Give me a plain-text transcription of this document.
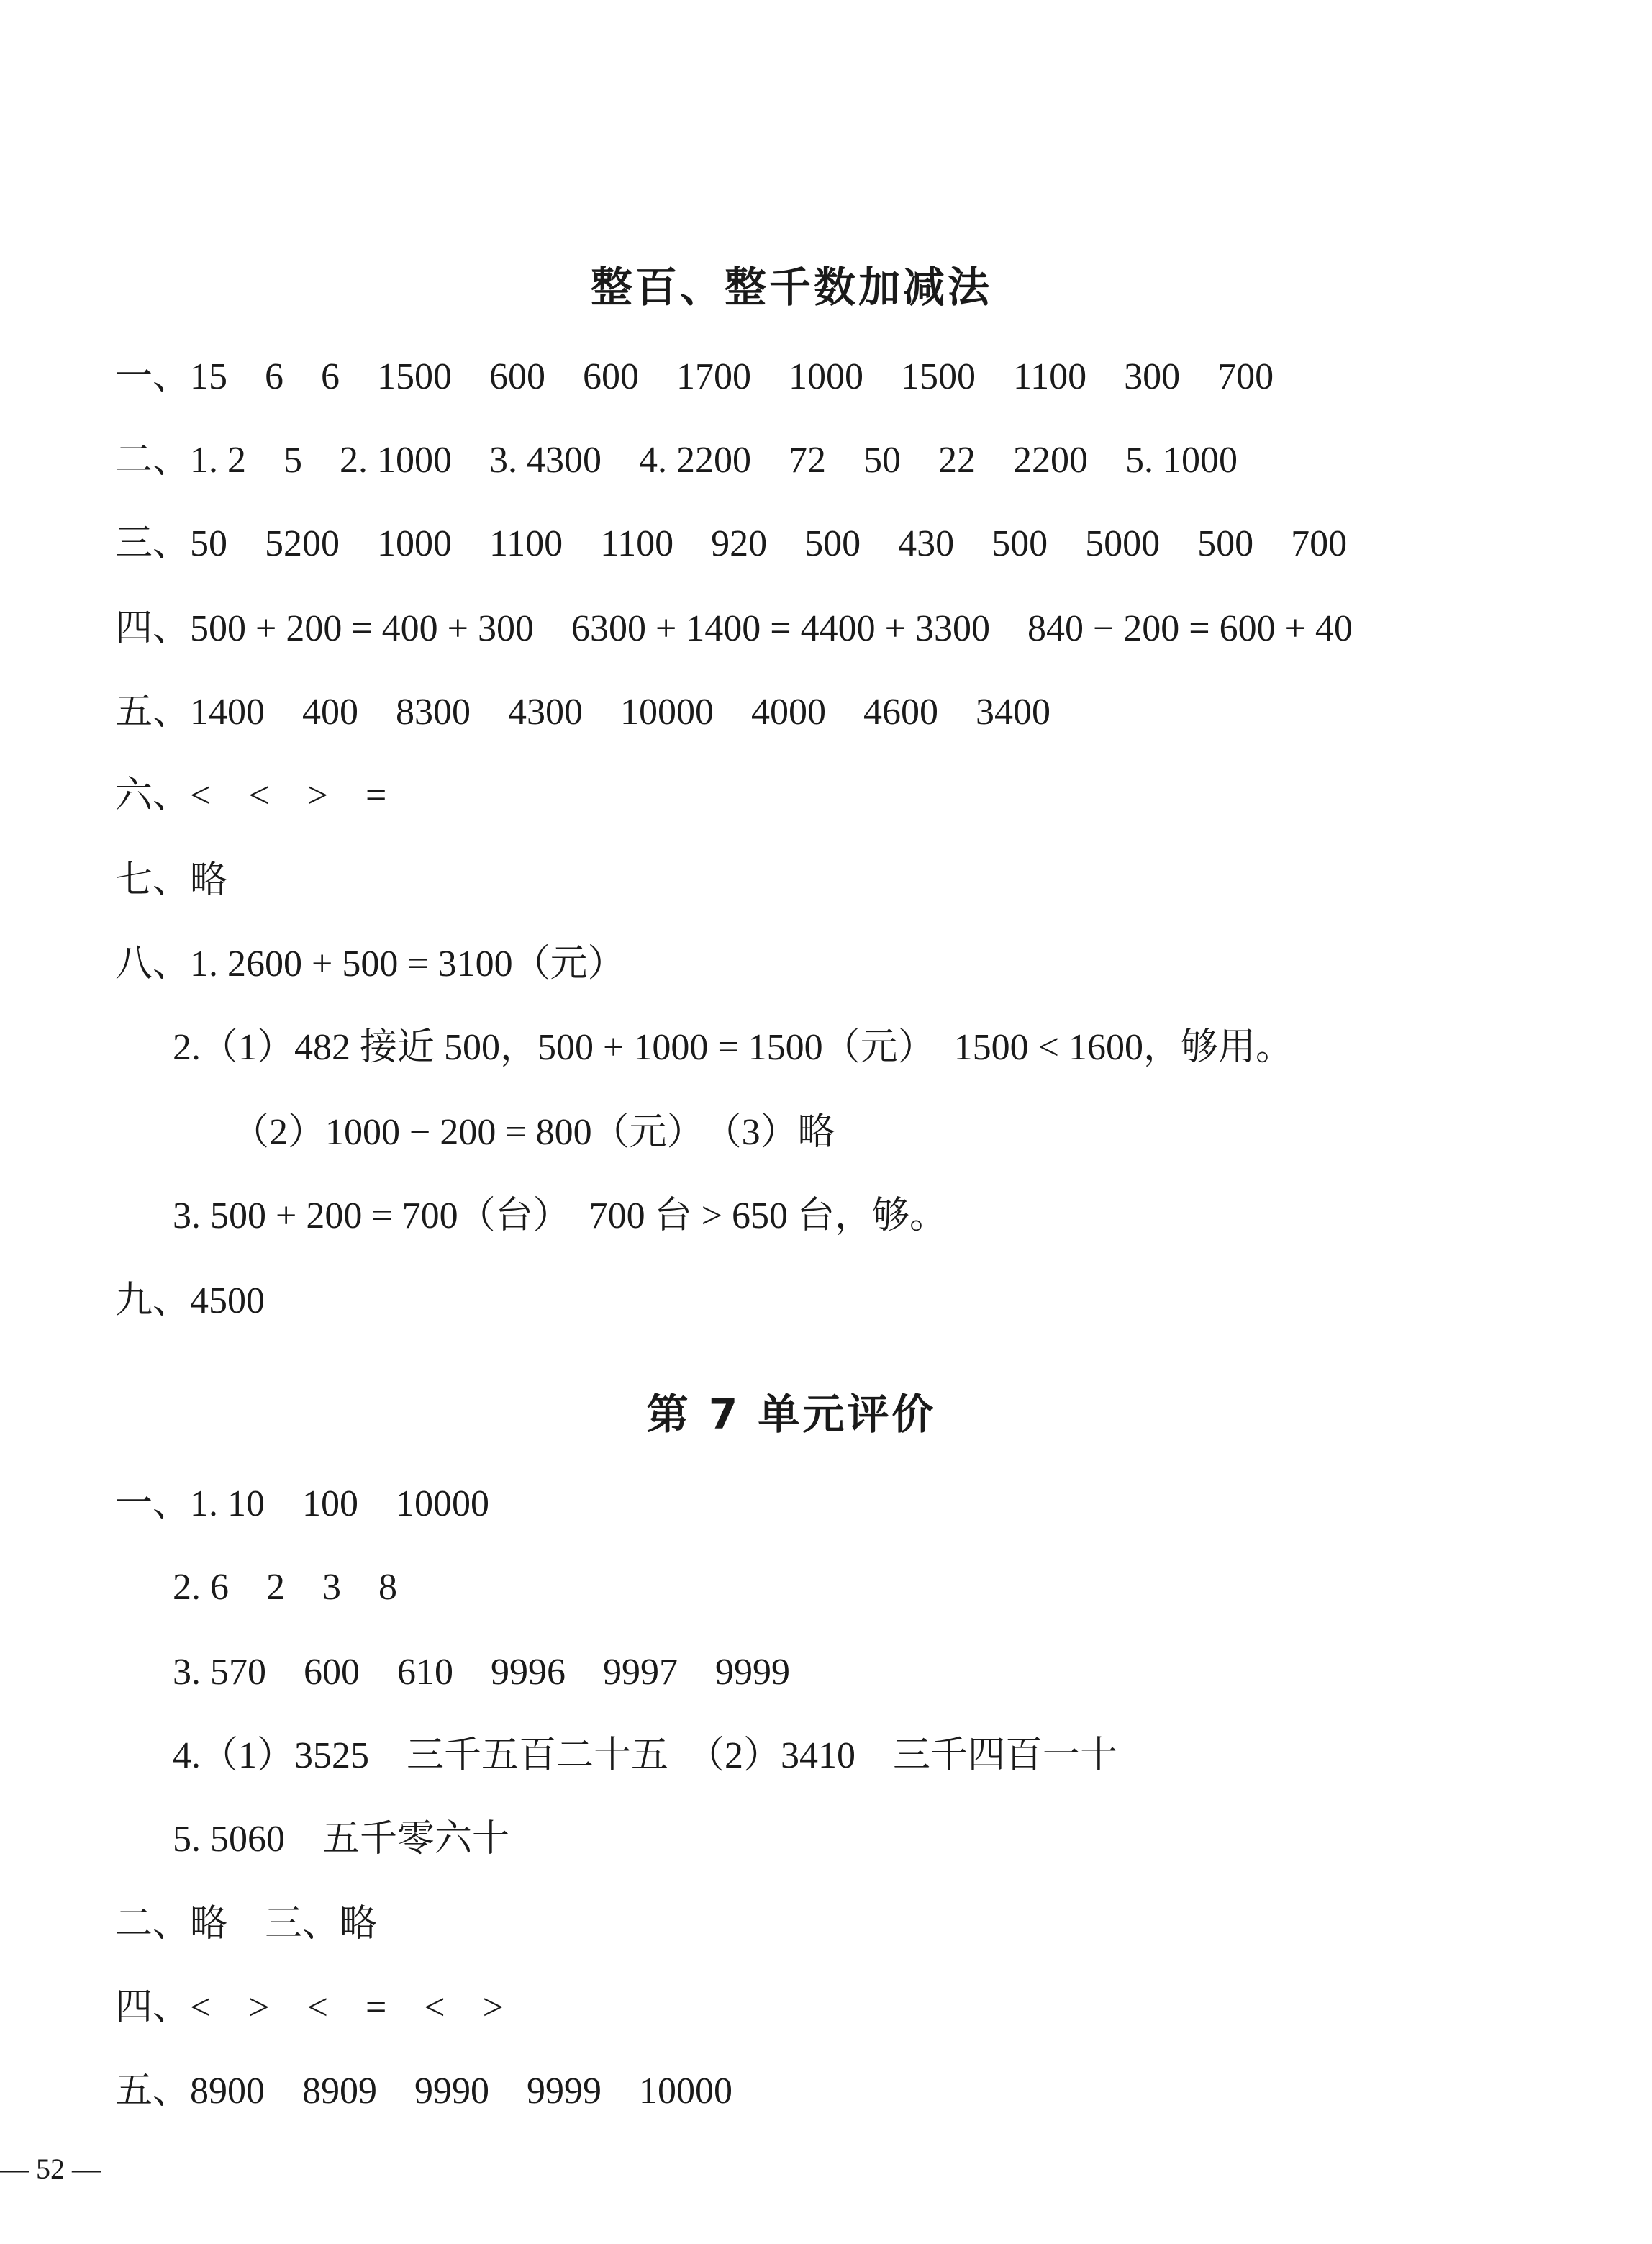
整百、整千数加减法
一、15　6　6　1500　600　600　1700　1000　1500　1100　300　700
二、1. 2　5　2. 1000　3. 4300　4. 2200　72　50　22　2200　5. 1000
三、50　5200　1000　1100　1100　920　500　430　500　5000　500　700
四、500 + 200 = 400 + 300　6300 + 1400 = 4400 + 3300　840 − 200 = 600 + 40
五、1400　400　8300　4300　10000　4000　4600　3400
六、<　<　>　=
七、略
八、1. 2600 + 500 = 3100（元）
2.（1）482 接近 500，500 + 1000 = 1500（元）　1500 < 1600，够用。
（2）1000 − 200 = 800（元）　（3）略
3. 500 + 200 = 700（台）　700 台 > 650 台，够。
九、4500
第 7 单元评价
一、1. 10　100　10000
2. 6　2　3　8
3. 570　600　610　9996　9997　9999
4.（1）3525　三千五百二十五　（2）3410　三千四百一十
5. 5060　五千零六十
二、略　三、略
四、<　>　<　=　<　>
五、8900　8909　9990　9999　10000
— 52 —
